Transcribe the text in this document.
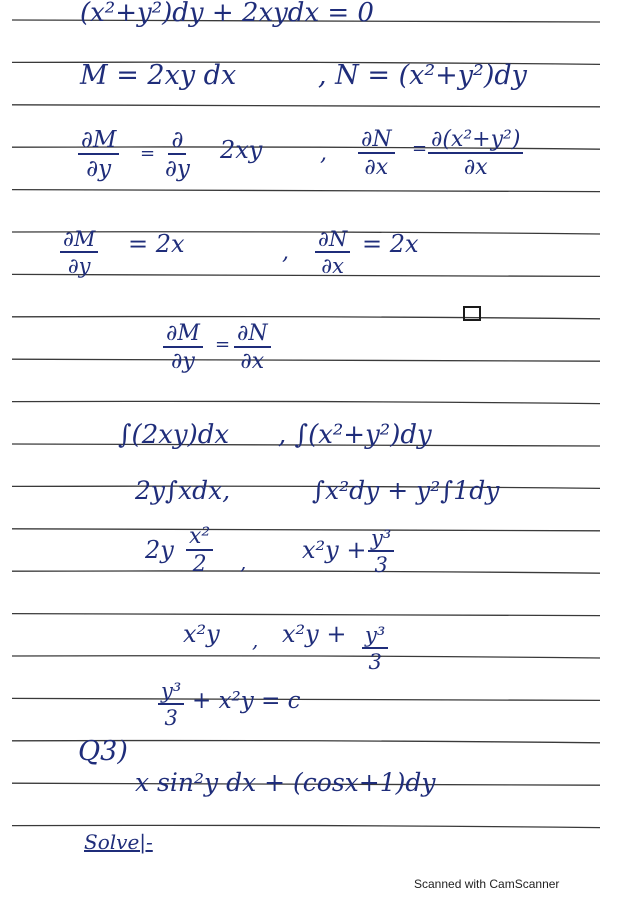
(x²+y²)dy + 2xydx = 0
M = 2xy dx	, N = (x²+y²)dy
$\frac{\partial M}{\partial y}$ =
∂
∂y
2xy	, $\frac{\partial N}{\partial x} = \frac{\text{∂(x²+y²)}}{\partial x}$
$\frac{\partial M}{\partial y} = 2x$	, $\frac{\partial N}{\partial x} = 2x$
$\frac{\partial M}{\partial y} = \frac{\partial N}{\partial x}$
∫(2xy)dx , ∫(x²+y²)dy
2y∫xdx,	∫x²dy + y²∫1dy
$2y \frac{\text{x²}}{2}$ , $x^2y + \frac{\text{y³}}{3}$
x²y , $x^2y + \frac{\text{y³}}{3}$
$\frac{\text{y³}}{3} + x^2y = c$
Q3)
x sin²y dx + (cosx+1)dy
Solve|-
Scanned with CamScanner
